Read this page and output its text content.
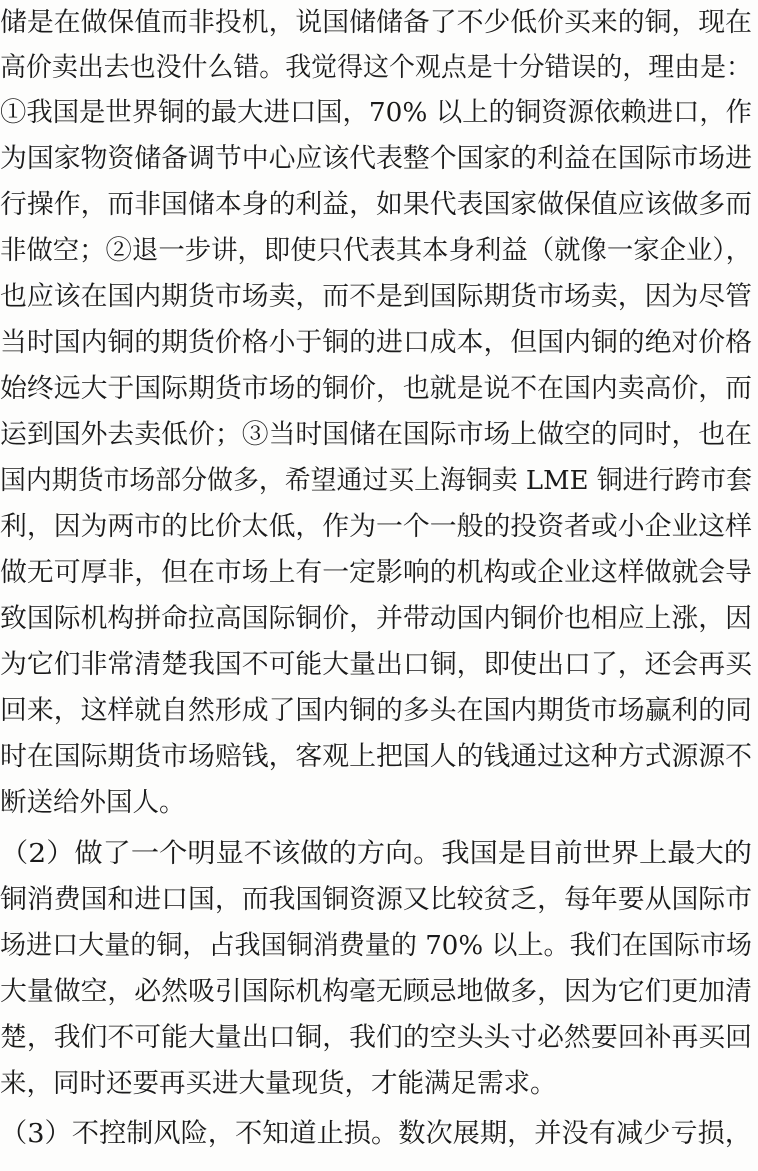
储是在做保值而非投机，说国储储备了不少低价买来的铜，现在
高价卖出去也没什么错。我觉得这个观点是十分错误的，理由是：
①我国是世界铜的最大进口国，70% 以上的铜资源依赖进口，作
为国家物资储备调节中心应该代表整个国家的利益在国际市场进
行操作，而非国储本身的利益，如果代表国家做保值应该做多而
非做空；②退一步讲，即使只代表其本身利益（就像一家企业），
也应该在国内期货市场卖，而不是到国际期货市场卖，因为尽管
当时国内铜的期货价格小于铜的进口成本，但国内铜的绝对价格
始终远大于国际期货市场的铜价，也就是说不在国内卖高价，而
运到国外去卖低价；③当时国储在国际市场上做空的同时，也在
国内期货市场部分做多，希望通过买上海铜卖 LME 铜进行跨市套
利，因为两市的比价太低，作为一个一般的投资者或小企业这样
做无可厚非，但在市场上有一定影响的机构或企业这样做就会导
致国际机构拼命拉高国际铜价，并带动国内铜价也相应上涨，因
为它们非常清楚我国不可能大量出口铜，即使出口了，还会再买
回来，这样就自然形成了国内铜的多头在国内期货市场赢利的同
时在国际期货市场赔钱，客观上把国人的钱通过这种方式源源不
断送给外国人。
（2）做了一个明显不该做的方向。我国是目前世界上最大的
铜消费国和进口国，而我国铜资源又比较贫乏，每年要从国际市
场进口大量的铜，占我国铜消费量的 70% 以上。我们在国际市场
大量做空，必然吸引国际机构毫无顾忌地做多，因为它们更加清
楚，我们不可能大量出口铜，我们的空头头寸必然要回补再买回
来，同时还要再买进大量现货，才能满足需求。
（3）不控制风险，不知道止损。数次展期，并没有减少亏损，
